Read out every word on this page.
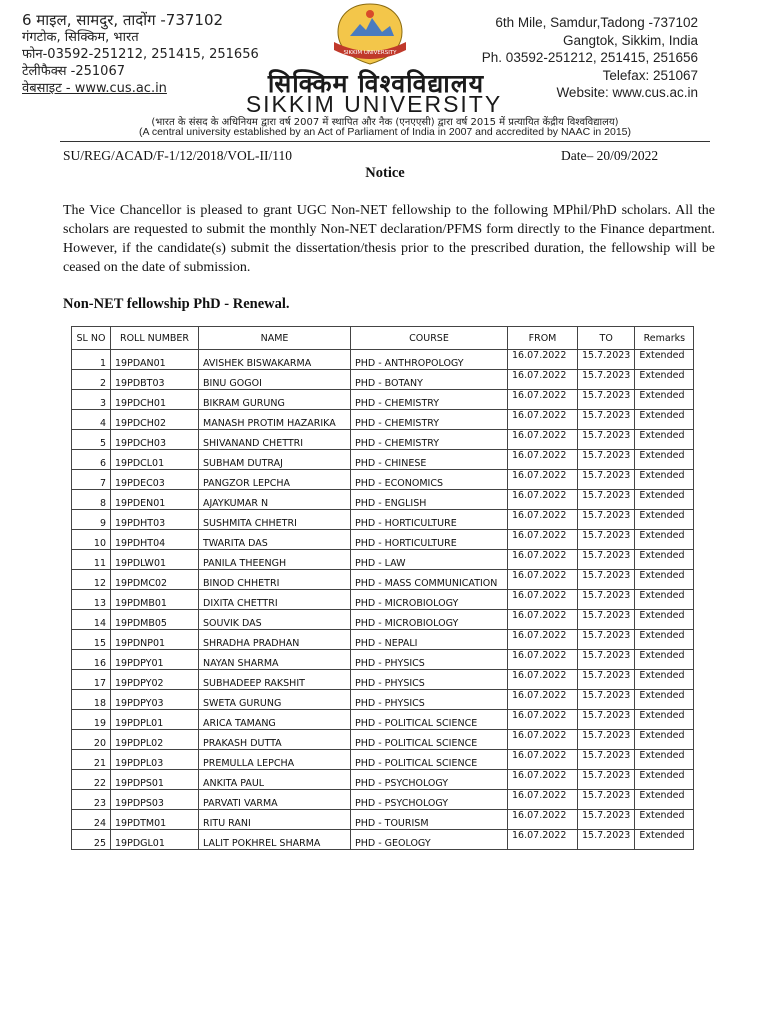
6 माइल, सामदुर, तादोंग -737102
गंगटोक, सिक्किम, भारत
फोन-03592-251212, 251415, 251656
टेलीफैक्स -251067
वेबसाइट - www.cus.ac.in
SIKKIM UNIVERSITY
6th Mile, Samdur,Tadong -737102
Gangtok, Sikkim, India
Ph. 03592-251212, 251415, 251656
Telefax: 251067
Website: www.cus.ac.in
सिक्किम विश्वविद्यालय
SIKKIM UNIVERSITY
(भारत के संसद के अधिनियम द्वारा वर्ष 2007 में स्थापित और नैक (एनएएसी) द्वारा वर्ष 2015 में प्रत्यायित केंद्रीय विश्वविद्यालय)
(A central university established by an Act of Parliament of India in 2007 and accredited by NAAC in 2015)
SU/REG/ACAD/F-1/12/2018/VOL-II/110	Date– 20/09/2022
Notice
The Vice Chancellor is pleased to grant UGC Non-NET fellowship to the following MPhil/PhD scholars. All the scholars are requested to submit the monthly Non-NET declaration/PFMS form directly to the Finance department. However, if the candidate(s) submit the dissertation/thesis prior to the prescribed duration, the fellowship will be ceased on the date of submission.
Non-NET fellowship PhD - Renewal.
SL NO	ROLL NUMBER	NAME	COURSE	FROM	TO	Remarks
1	19PDAN01	AVISHEK BISWAKARMA	PHD - ANTHROPOLOGY	16.07.2022	15.7.2023	Extended
2	19PDBT03	BINU GOGOI	PHD - BOTANY	16.07.2022	15.7.2023	Extended
3	19PDCH01	BIKRAM GURUNG	PHD - CHEMISTRY	16.07.2022	15.7.2023	Extended
4	19PDCH02	MANASH PROTIM HAZARIKA	PHD - CHEMISTRY	16.07.2022	15.7.2023	Extended
5	19PDCH03	SHIVANAND CHETTRI	PHD - CHEMISTRY	16.07.2022	15.7.2023	Extended
6	19PDCL01	SUBHAM DUTRAJ	PHD - CHINESE	16.07.2022	15.7.2023	Extended
7	19PDEC03	PANGZOR LEPCHA	PHD - ECONOMICS	16.07.2022	15.7.2023	Extended
8	19PDEN01	AJAYKUMAR N	PHD - ENGLISH	16.07.2022	15.7.2023	Extended
9	19PDHT03	SUSHMITA CHHETRI	PHD - HORTICULTURE	16.07.2022	15.7.2023	Extended
10	19PDHT04	TWARITA DAS	PHD - HORTICULTURE	16.07.2022	15.7.2023	Extended
11	19PDLW01	PANILA THEENGH	PHD - LAW	16.07.2022	15.7.2023	Extended
12	19PDMC02	BINOD CHHETRI	PHD - MASS COMMUNICATION	16.07.2022	15.7.2023	Extended
13	19PDMB01	DIXITA CHETTRI	PHD - MICROBIOLOGY	16.07.2022	15.7.2023	Extended
14	19PDMB05	SOUVIK DAS	PHD - MICROBIOLOGY	16.07.2022	15.7.2023	Extended
15	19PDNP01	SHRADHA PRADHAN	PHD - NEPALI	16.07.2022	15.7.2023	Extended
16	19PDPY01	NAYAN SHARMA	PHD - PHYSICS	16.07.2022	15.7.2023	Extended
17	19PDPY02	SUBHADEEP RAKSHIT	PHD - PHYSICS	16.07.2022	15.7.2023	Extended
18	19PDPY03	SWETA GURUNG	PHD - PHYSICS	16.07.2022	15.7.2023	Extended
19	19PDPL01	ARICA TAMANG	PHD - POLITICAL SCIENCE	16.07.2022	15.7.2023	Extended
20	19PDPL02	PRAKASH DUTTA	PHD - POLITICAL SCIENCE	16.07.2022	15.7.2023	Extended
21	19PDPL03	PREMULLA LEPCHA	PHD - POLITICAL SCIENCE	16.07.2022	15.7.2023	Extended
22	19PDPS01	ANKITA PAUL	PHD - PSYCHOLOGY	16.07.2022	15.7.2023	Extended
23	19PDPS03	PARVATI VARMA	PHD - PSYCHOLOGY	16.07.2022	15.7.2023	Extended
24	19PDTM01	RITU RANI	PHD - TOURISM	16.07.2022	15.7.2023	Extended
25	19PDGL01	LALIT POKHREL SHARMA	PHD - GEOLOGY	16.07.2022	15.7.2023	Extended
